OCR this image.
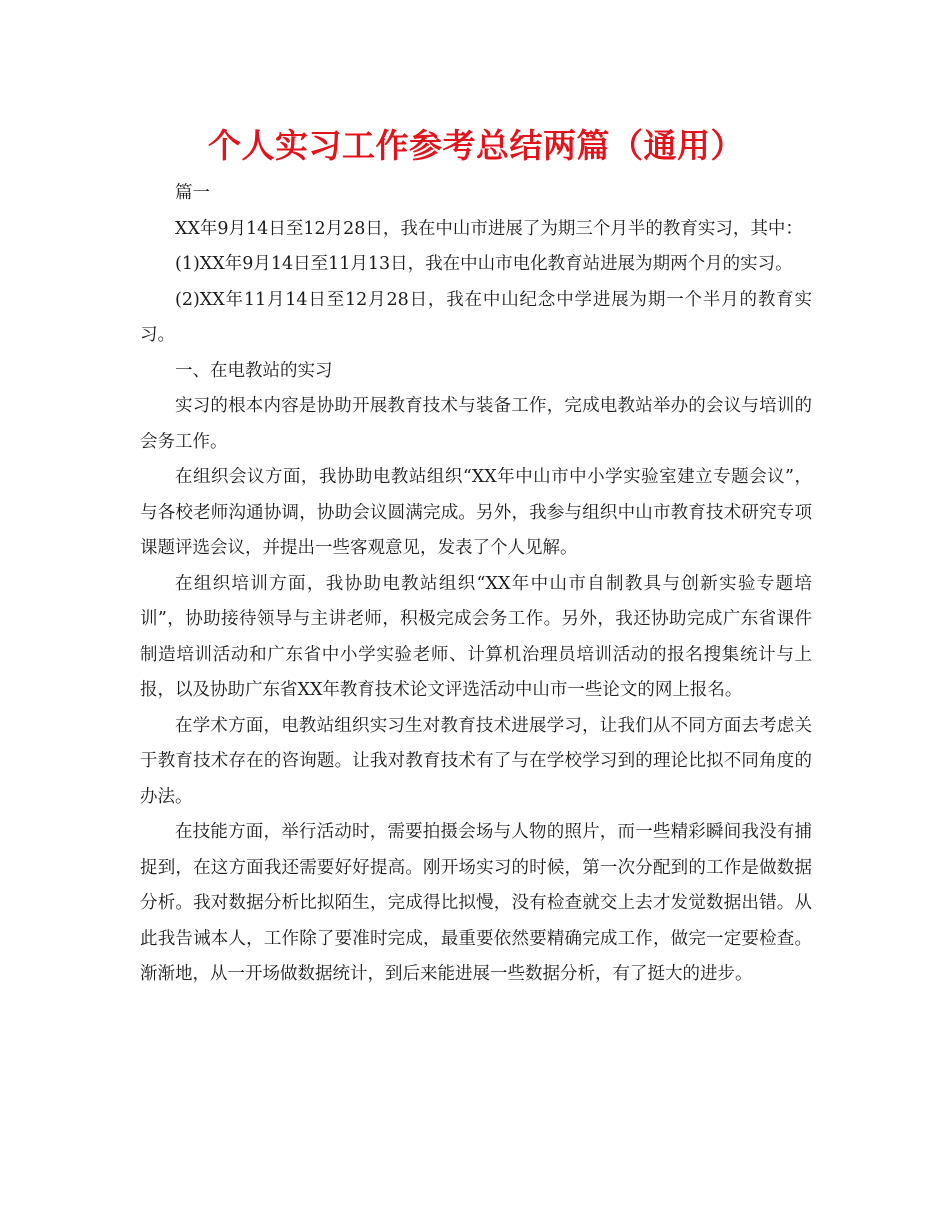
个人实习工作参考总结两篇（通用）

篇一

XX年9月14日至12月28日，我在中山市进展了为期三个月半的教育实习，其中：

(1)XX年9月14日至11月13日，我在中山市电化教育站进展为期两个月的实习。

(2)XX年11月14日至12月28日，我在中山纪念中学进展为期一个半月的教育实习。

一、在电教站的实习

实习的根本内容是协助开展教育技术与装备工作，完成电教站举办的会议与培训的会务工作。

在组织会议方面，我协助电教站组织“XX年中山市中小学实验室建立专题会议”，与各校老师沟通协调，协助会议圆满完成。另外，我参与组织中山市教育技术研究专项课题评选会议，并提出一些客观意见，发表了个人见解。

在组织培训方面，我协助电教站组织“XX年中山市自制教具与创新实验专题培训”，协助接待领导与主讲老师，积极完成会务工作。另外，我还协助完成广东省课件制造培训活动和广东省中小学实验老师、计算机治理员培训活动的报名搜集统计与上报，以及协助广东省XX年教育技术论文评选活动中山市一些论文的网上报名。

在学术方面，电教站组织实习生对教育技术进展学习，让我们从不同方面去考虑关于教育技术存在的咨询题。让我对教育技术有了与在学校学习到的理论比拟不同角度的办法。

在技能方面，举行活动时，需要拍摄会场与人物的照片，而一些精彩瞬间我没有捕捉到，在这方面我还需要好好提高。刚开场实习的时候，第一次分配到的工作是做数据分析。我对数据分析比拟陌生，完成得比拟慢，没有检查就交上去才发觉数据出错。从此我告诫本人，工作除了要准时完成，最重要依然要精确完成工作，做完一定要检查。渐渐地，从一开场做数据统计，到后来能进展一些数据分析，有了挺大的进步。
